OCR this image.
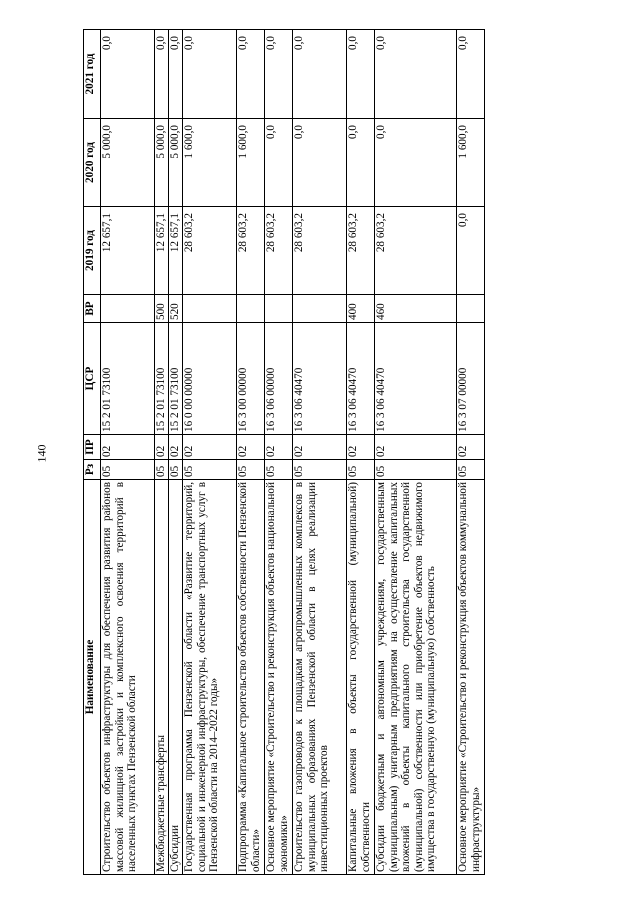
140
Наименование	Рз	ПР	ЦСР	ВР	2019 год	2020 год	2021 год
Строительство объектов инфраструктуры для обеспечения развития районов массовой жилищной застройки и комплексного освоения территорий в населенных пунктах Пензенской области	05	02	15 2 01 73100		12 657,1	5 000,0	0,0
Межбюджетные трансферты	05	02	15 2 01 73100	500	12 657,1	5 000,0	0,0
Субсидии	05	02	15 2 01 73100	520	12 657,1	5 000,0	0,0
Государственная программа Пензенской области «Развитие территорий, социальной и инженерной инфраструктуры, обеспечение транспортных услуг в Пензенской области на 2014–2022 годы»	05	02	16 0 00 00000		28 603,2	1 600,0	0,0
Подпрограмма «Капитальное строительство объектов собственности Пензенской области»	05	02	16 3 00 00000		28 603,2	1 600,0	0,0
Основное мероприятие «Строительство и реконструкция объектов национальной экономики»	05	02	16 3 06 00000		28 603,2	0,0	0,0
Строительство газопроводов к площадкам агропромышленных комплексов в муниципальных образованиях Пензенской области в целях реализации инвестиционных проектов	05	02	16 3 06 40470		28 603,2	0,0	0,0
Капитальные вложения в объекты государственной (муниципальной) собственности	05	02	16 3 06 40470	400	28 603,2	0,0	0,0
Субсидии бюджетным и автономным учреждениям, государственным (муниципальным) унитарным предприятиям на осуществление капитальных вложений в объекты капитального строительства государственной (муниципальной) собственности или приобретение объектов недвижимого имущества в государственную (муниципальную) собственность	05	02	16 3 06 40470	460	28 603,2	0,0	0,0
Основное мероприятие «Строительство и реконструкция объектов коммунальной инфраструктуры»	05	02	16 3 07 00000		0,0	1 600,0	0,0
